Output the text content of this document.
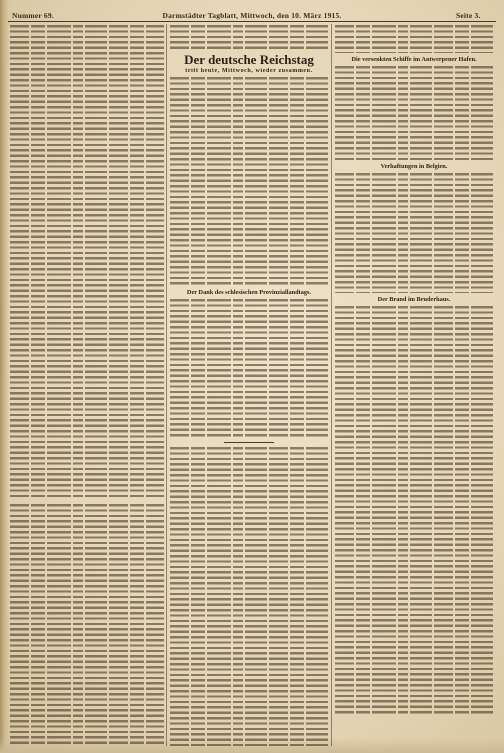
Nummer 69.	Darmstädter Tagblatt, Mittwoch, den 10. März 1915.	Seite 3.
Der deutsche Reichstag
tritt heute, Mittwoch, wieder zusammen.
Der Dank des schlesischen Provinziallandtags.
Die versenkten Schiffe im Antwerpener Hafen.
Verhaftungen in Belgien.
Der Brand im Bruderhaus.
